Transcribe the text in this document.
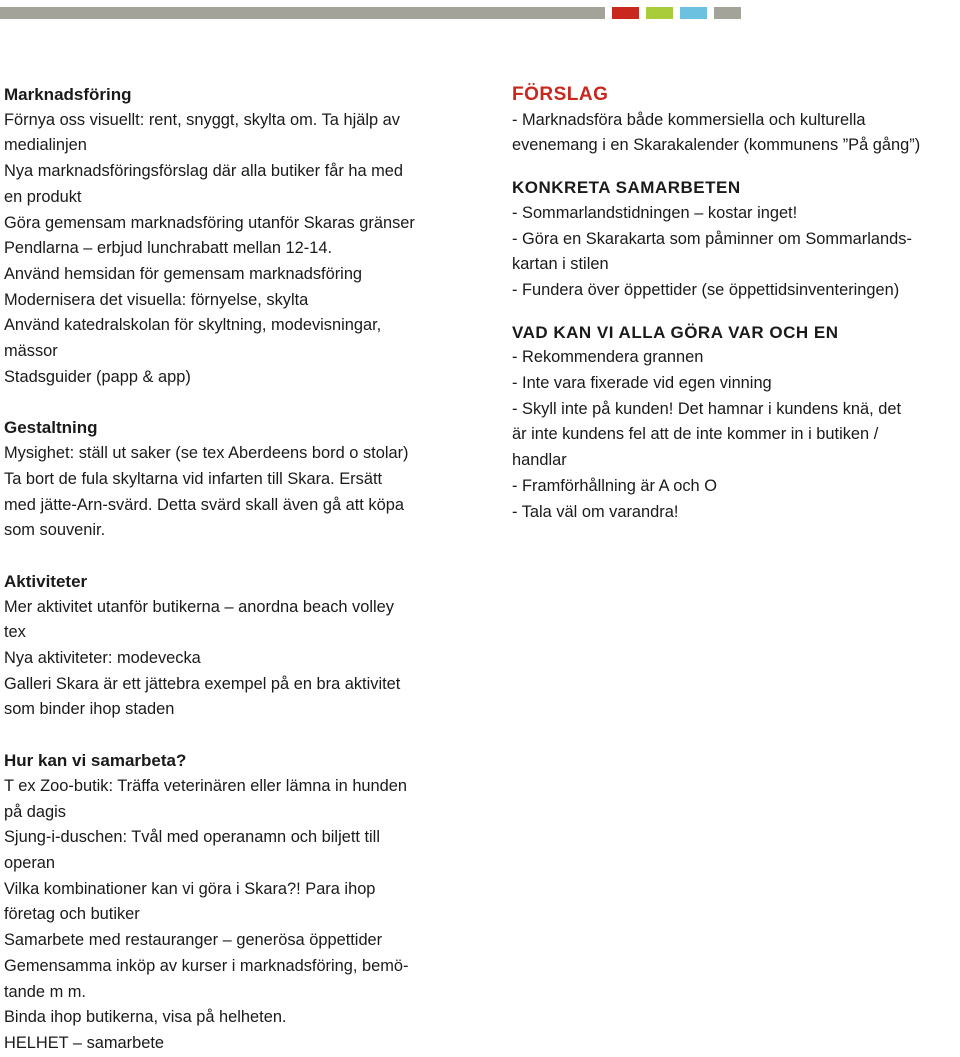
Marknadsföring
Förnya oss visuellt: rent, snyggt, skylta om. Ta hjälp av
medialinjen
Nya marknadsföringsförslag där alla butiker får ha med
en produkt
Göra gemensam marknadsföring utanför Skaras gränser
Pendlarna – erbjud lunchrabatt mellan 12-14.
Använd hemsidan för gemensam marknadsföring
Modernisera det visuella: förnyelse, skylta
Använd katedralskolan för skyltning, modevisningar,
mässor
Stadsguider (papp & app)
Gestaltning
Mysighet: ställ ut saker (se tex Aberdeens bord o stolar)
Ta bort de fula skyltarna vid infarten till Skara. Ersätt
med jätte-Arn-svärd. Detta svärd skall även gå att köpa
som souvenir.
Aktiviteter
Mer aktivitet utanför butikerna – anordna beach volley
tex
Nya aktiviteter: modevecka
Galleri Skara är ett jättebra exempel på en bra aktivitet
som binder ihop staden
Hur kan vi samarbeta?
T ex Zoo-butik: Träffa veterinären eller lämna in hunden
på dagis
Sjung-i-duschen: Tvål med operanamn och biljett till
operan
Vilka kombinationer kan vi göra i Skara?! Para ihop
företag och butiker
Samarbete med restauranger – generösa öppettider
Gemensamma inköp av kurser i marknadsföring, bemö-
tande m m.
Binda ihop butikerna, visa på helheten.
HELHET – samarbete
FÖRSLAG
- Marknadsföra både kommersiella och kulturella
evenemang i en Skarakalender (kommunens ”På gång”)
KONKRETA SAMARBETEN
- Sommarlandstidningen – kostar inget!
- Göra en Skarakarta som påminner om Sommarlands-
kartan i stilen
- Fundera över öppettider (se öppettidsinventeringen)
VAD KAN VI ALLA GÖRA VAR OCH EN
- Rekommendera grannen
- Inte vara fixerade vid egen vinning
- Skyll inte på kunden! Det hamnar i kundens knä, det
är inte kundens fel att de inte kommer in i butiken /
handlar
- Framförhållning är A och O
- Tala väl om varandra!
